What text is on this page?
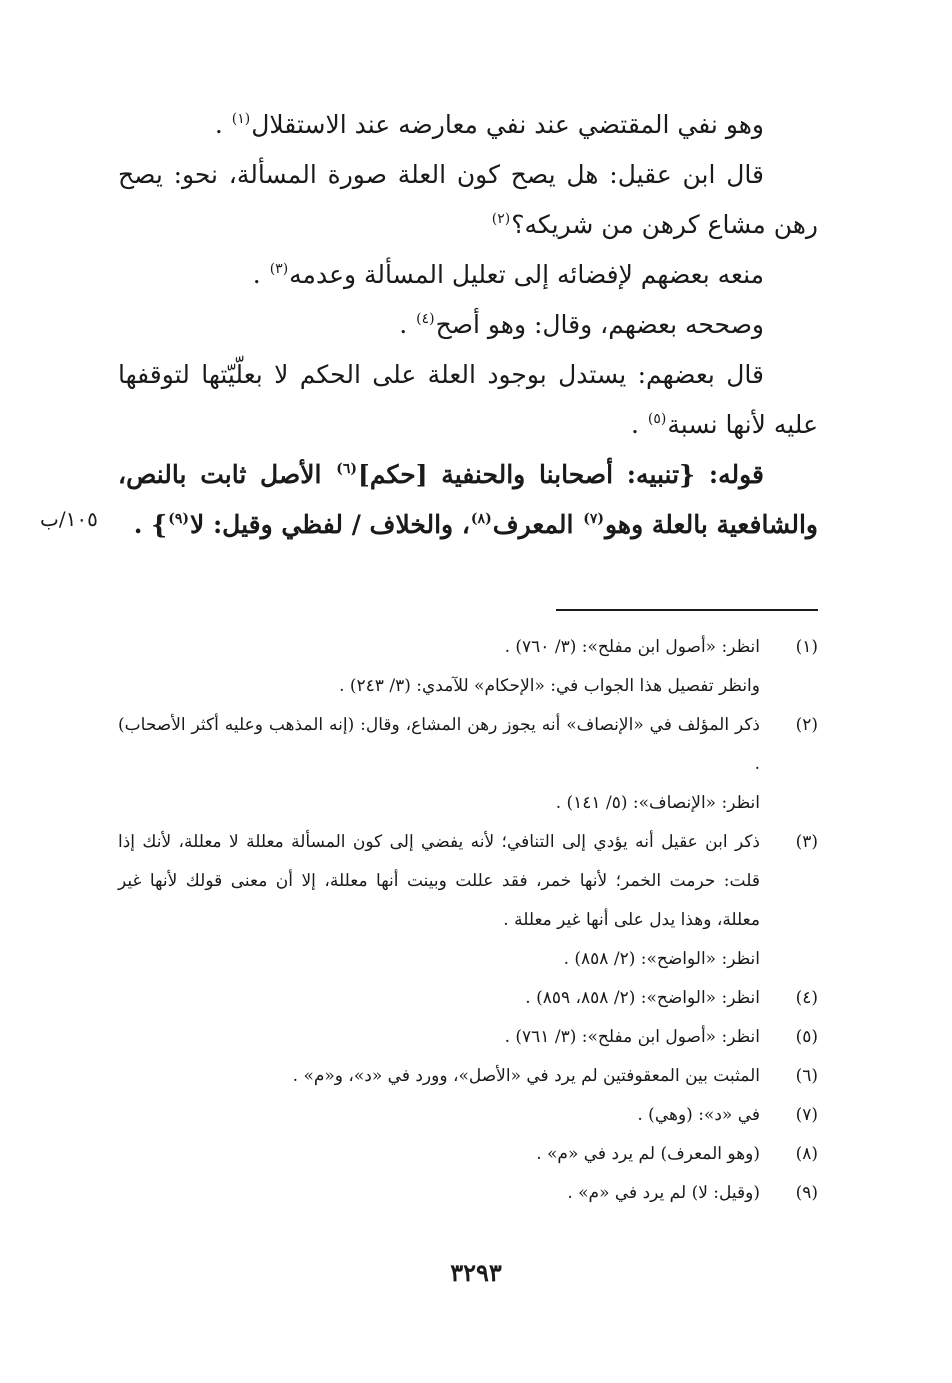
وهو نفي المقتضي عند نفي معارضه عند الاستقلال$^{(١)}$ .

قال ابن عقيل: هل يصح كون العلة صورة المسألة، نحو: يصح رهن مشاع كرهن من شريكه؟$^{(٢)}$

منعه بعضهم لإفضائه إلى تعليل المسألة وعدمه$^{(٣)}$ .

وصححه بعضهم، وقال: وهو أصح$^{(٤)}$ .

قال بعضهم: يستدل بوجود العلة على الحكم لا بعلّيّتها لتوقفها عليه لأنها نسبة$^{(٥)}$ .

قوله: {تنبيه: أصحابنا والحنفية [حكم]$^{(٦)}$ الأصل ثابت بالنص، والشافعية بالعلة وهو$^{(٧)}$ المعرف$^{(٨)}$، والخلاف / لفظي وقيل: لا$^{(٩)}$} .

١٠٥/ب
(١)
انظر: «أصول ابن مفلح»: (٣/ ٧٦٠) .
وانظر تفصيل هذا الجواب في: «الإحكام» للآمدي: (٣/ ٢٤٣) .
(٢)
ذكر المؤلف في «الإنصاف» أنه يجوز رهن المشاع، وقال: (إنه المذهب وعليه أكثر الأصحاب) .
انظر: «الإنصاف»: (٥/ ١٤١) .
(٣)
ذكر ابن عقيل أنه يؤدي إلى التنافي؛ لأنه يفضي إلى كون المسألة معللة لا معللة، لأنك إذا قلت: حرمت الخمر؛ لأنها خمر، فقد عللت وبينت أنها معللة، إلا أن معنى قولك لأنها غير معللة، وهذا يدل على أنها غير معللة .
انظر: «الواضح»: (٢/ ٨٥٨) .
(٤)
انظر: «الواضح»: (٢/ ٨٥٨، ٨٥٩) .
(٥)
انظر: «أصول ابن مفلح»: (٣/ ٧٦١) .
(٦)
المثبت بين المعقوفتين لم يرد في «الأصل»، وورد في «د»، و«م» .
(٧)
في «د»: (وهي) .
(٨)
(وهو المعرف) لم يرد في «م» .
(٩)
(وقيل: لا) لم يرد في «م» .
٣٢٩٣
